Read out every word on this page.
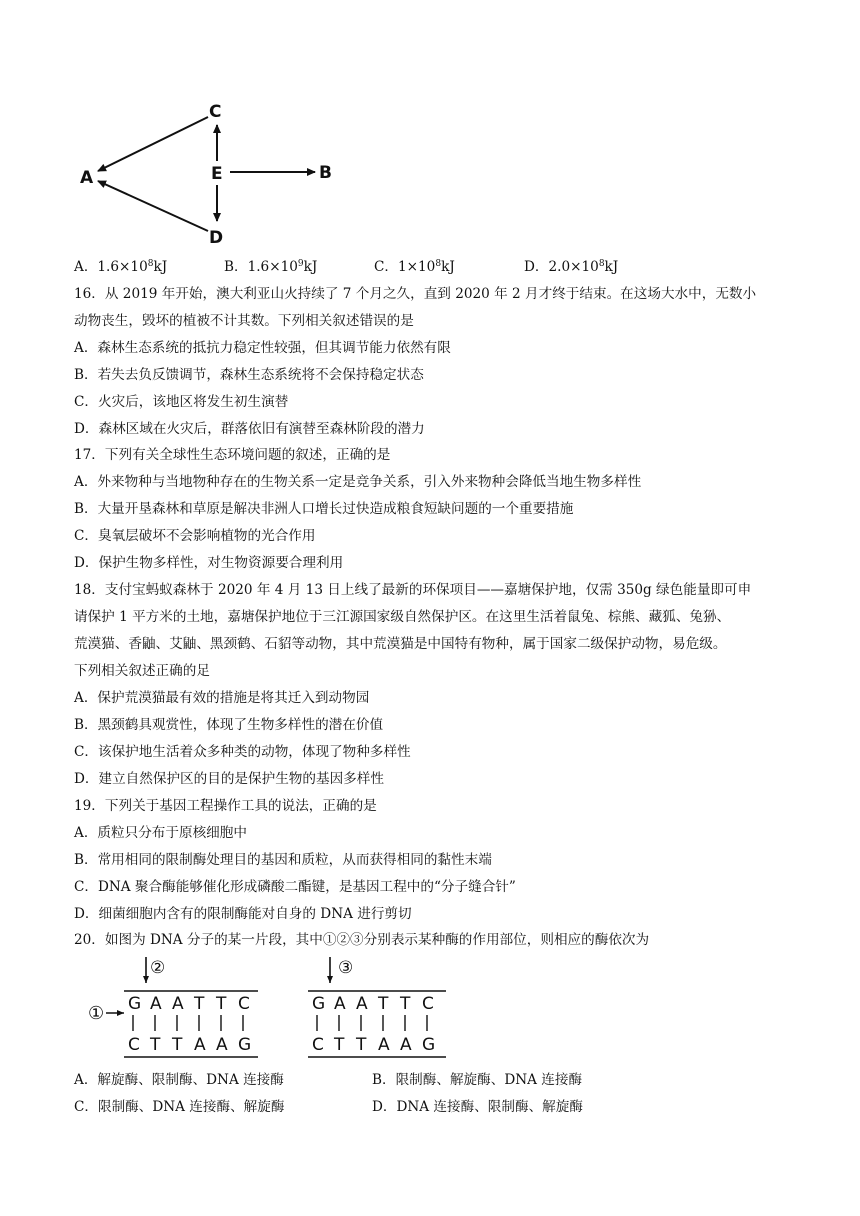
C
E	B
A
D
A．$1.6\times 10^8kJ$	B．$1.6\times 10^9kJ$	C．$1\times 10^8kJ$	D．$2.0\times 10^8kJ$
16．从 2019 年开始，澳大利亚山火持续了 7 个月之久，直到 2020 年 2 月才终于结束。在这场大水中，无数小
动物丧生，毁坏的植被不计其数。下列相关叙述错误的是
A．森林生态系统的抵抗力稳定性较强，但其调节能力依然有限
B．若失去负反馈调节，森林生态系统将不会保持稳定状态
C．火灾后，该地区将发生初生演替
D．森林区域在火灾后，群落依旧有演替至森林阶段的潜力
17．下列有关全球性生态环境问题的叙述，正确的是
A．外来物种与当地物种存在的生物关系一定是竞争关系，引入外来物种会降低当地生物多样性
B．大量开垦森林和草原是解决非洲人口增长过快造成粮食短缺问题的一个重要措施
C．臭氧层破坏不会影响植物的光合作用
D．保护生物多样性，对生物资源要合理利用
18．支付宝蚂蚁森林于 2020 年 4 月 13 日上线了最新的环保项目——嘉塘保护地，仅需 350g 绿色能量即可申
请保护 1 平方米的土地，嘉塘保护地位于三江源国家级自然保护区。在这里生活着鼠兔、棕熊、藏狐、兔狲、
荒漠猫、香鼬、艾鼬、黑颈鹤、石貂等动物，其中荒漠猫是中国特有物种，属于国家二级保护动物，易危级。
下列相关叙述正确的足
A．保护荒漠猫最有效的措施是将其迁入到动物园
B．黑颈鹤具观赏性，体现了生物多样性的潜在价值
C．该保护地生活着众多种类的动物，体现了物种多样性
D．建立自然保护区的目的是保护生物的基因多样性
19．下列关于基因工程操作工具的说法，正确的是
A．质粒只分布于原核细胞中
B．常用相同的限制酶处理目的基因和质粒，从而获得相同的黏性末端
C．DNA 聚合酶能够催化形成磷酸二酯键，是基因工程中的“分子缝合针”
D．细菌细胞内含有的限制酶能对自身的 DNA 进行剪切
20．如图为 DNA 分子的某一片段，其中①②③分别表示某种酶的作用部位，则相应的酶依次为
①
②	③
G
C
A
T
A
T
T
A
T
A
C
G
G
C
A
T
A
T
T
A
T
A
C
G
A．解旋酶、限制酶、DNA 连接酶	B．限制酶、解旋酶、DNA 连接酶
C．限制酶、DNA 连接酶、解旋酶	D．DNA 连接酶、限制酶、解旋酶
